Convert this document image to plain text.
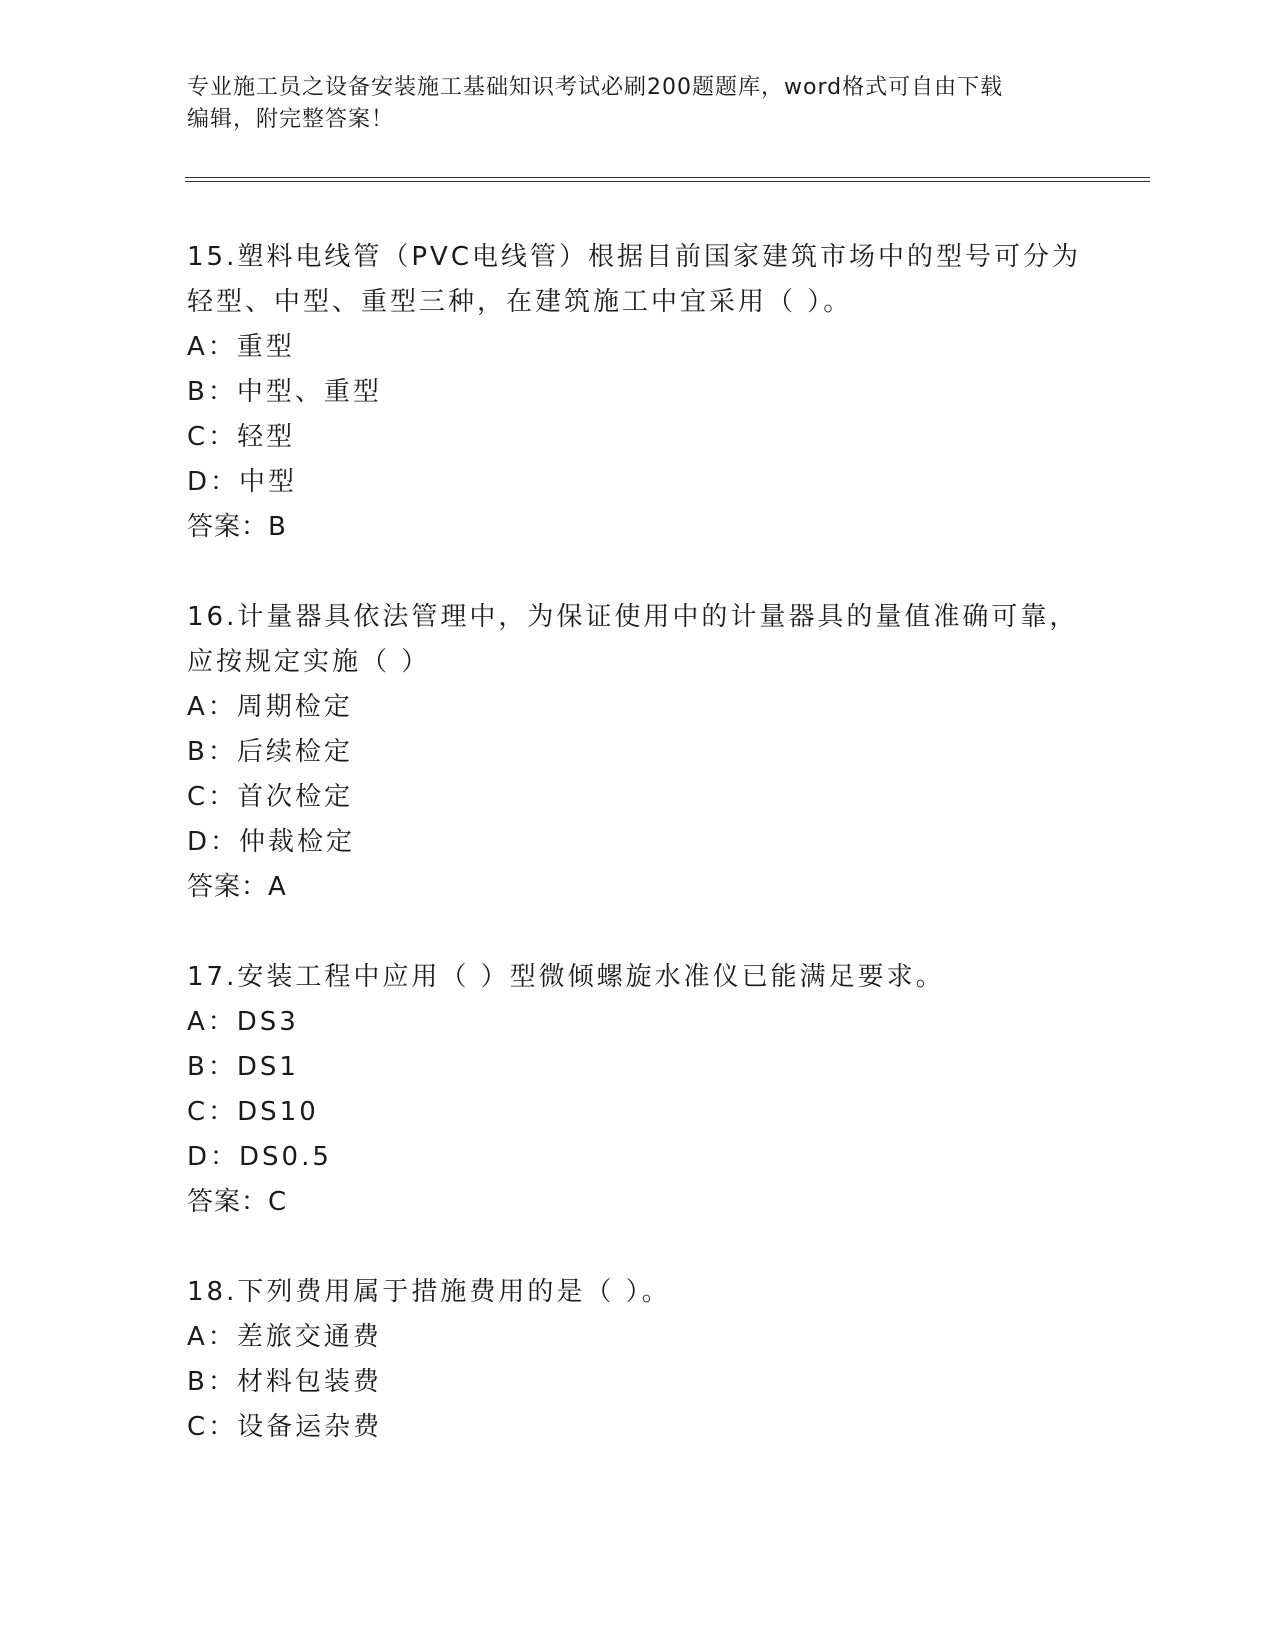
专业施工员之设备安装施工基础知识考试必刷200题题库，word格式可自由下载
编辑，附完整答案！

15.塑料电线管（PVC电线管）根据目前国家建筑市场中的型号可分为

轻型、中型、重型三种，在建筑施工中宜采用（ ）。

A：重型

B：中型、重型

C：轻型

D：中型

答案：B

16.计量器具依法管理中，为保证使用中的计量器具的量值准确可靠，

应按规定实施（ ）

A：周期检定

B：后续检定

C：首次检定

D：仲裁检定

答案：A

17.安装工程中应用（ ）型微倾螺旋水准仪已能满足要求。

A：DS3

B：DS1

C：DS10

D：DS0.5

答案：C

18.下列费用属于措施费用的是（ ）。

A：差旅交通费

B：材料包装费

C：设备运杂费
